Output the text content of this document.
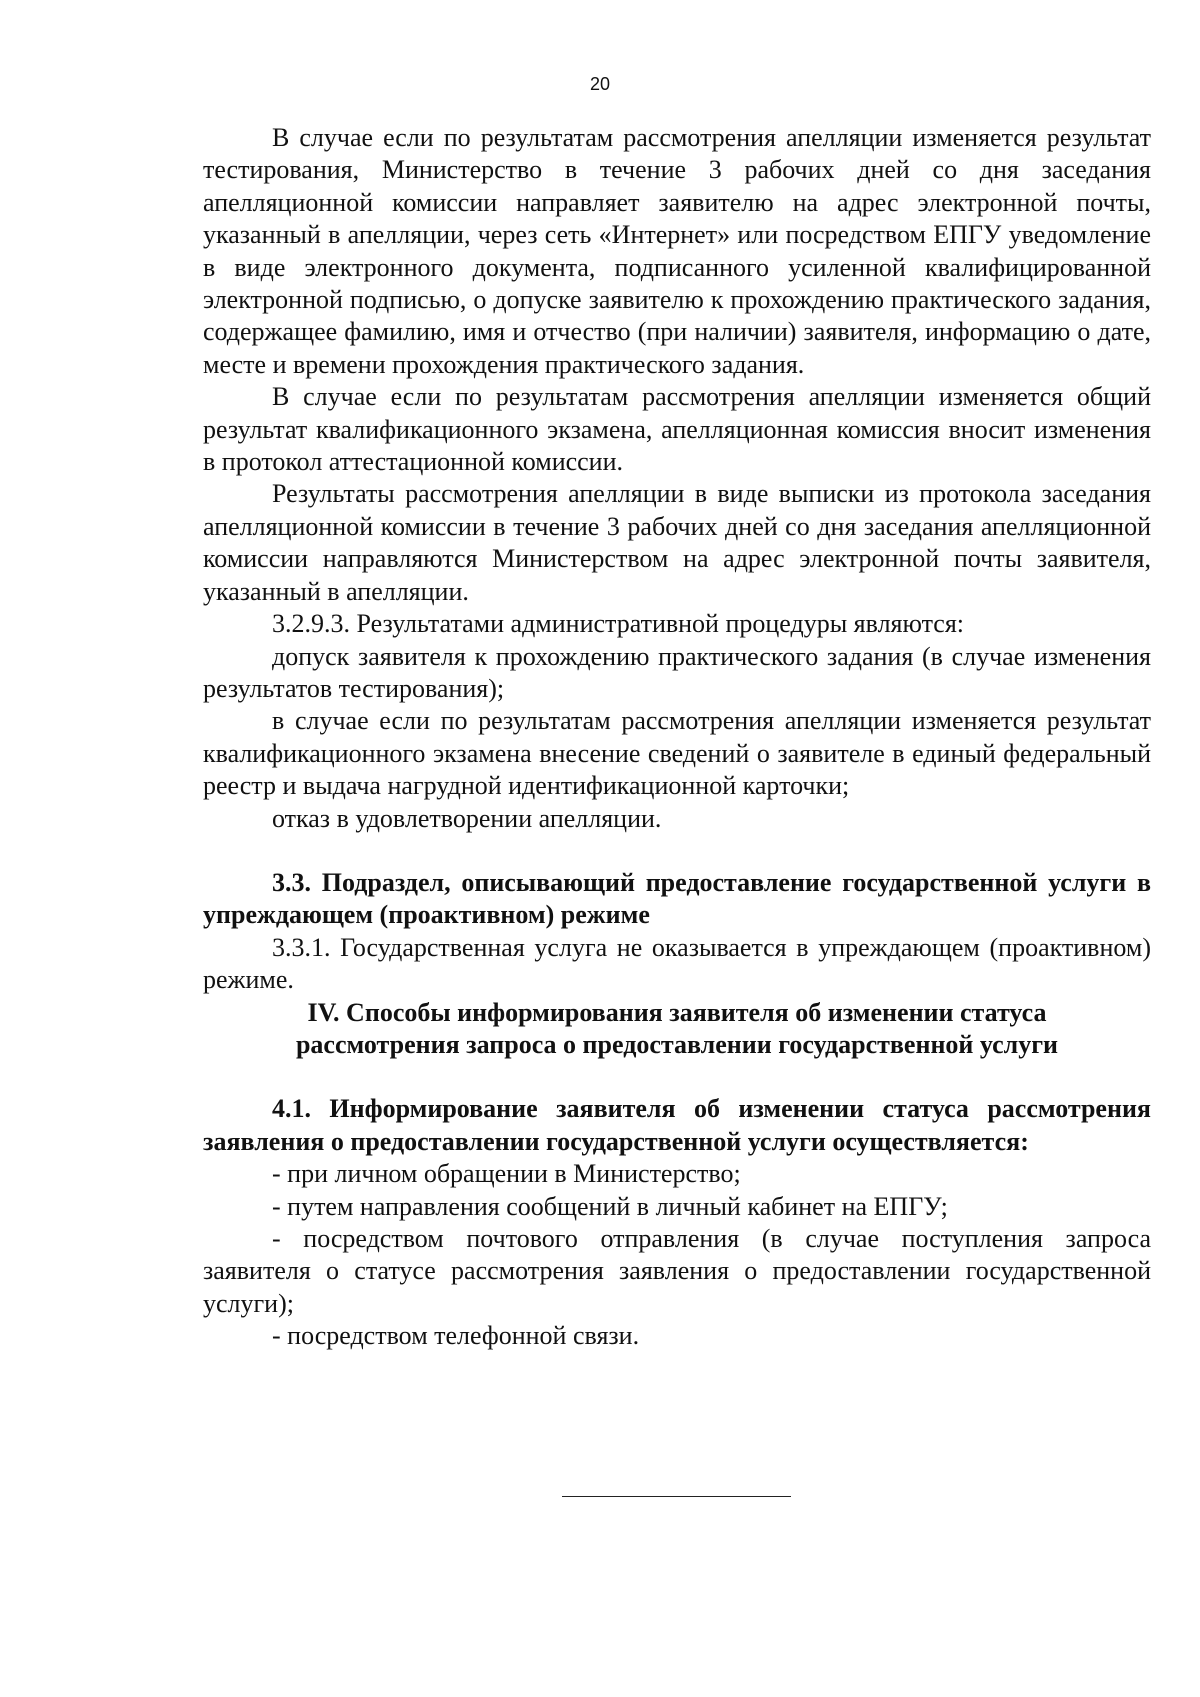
20

В случае если по результатам рассмотрения апелляции изменяется результат тестирования, Министерство в течение 3 рабочих дней со дня заседания апелляционной комиссии направляет заявителю на адрес электронной почты, указанный в апелляции, через сеть «Интернет» или посредством ЕПГУ уведомление в виде электронного документа, подписанного усиленной квалифицированной электронной подписью, о допуске заявителю к прохождению практического задания, содержащее фамилию, имя и отчество (при наличии) заявителя, информацию о дате, месте и времени прохождения практического задания.

В случае если по результатам рассмотрения апелляции изменяется общий результат квалификационного экзамена, апелляционная комиссия вносит изменения в протокол аттестационной комиссии.

Результаты рассмотрения апелляции в виде выписки из протокола заседания апелляционной комиссии в течение 3 рабочих дней со дня заседания апелляционной комиссии направляются Министерством на адрес электронной почты заявителя, указанный в апелляции.

3.2.9.3. Результатами административной процедуры являются:

допуск заявителя к прохождению практического задания (в случае изменения результатов тестирования);

в случае если по результатам рассмотрения апелляции изменяется результат квалификационного экзамена внесение сведений о заявителе в единый федеральный реестр и выдача нагрудной идентификационной карточки;

отказ в удовлетворении апелляции.

3.3. Подраздел, описывающий предоставление государственной услуги в упреждающем (проактивном) режиме

3.3.1. Государственная услуга не оказывается в упреждающем (проактивном) режиме.

IV. Способы информирования заявителя об изменении статуса рассмотрения запроса о предоставлении государственной услуги

4.1. Информирование заявителя об изменении статуса рассмотрения заявления о предоставлении государственной услуги осуществляется:

- при личном обращении в Министерство;

- путем направления сообщений в личный кабинет на ЕПГУ;

- посредством почтового отправления (в случае поступления запроса заявителя о статусе рассмотрения заявления о предоставлении государственной услуги);

- посредством телефонной связи.
